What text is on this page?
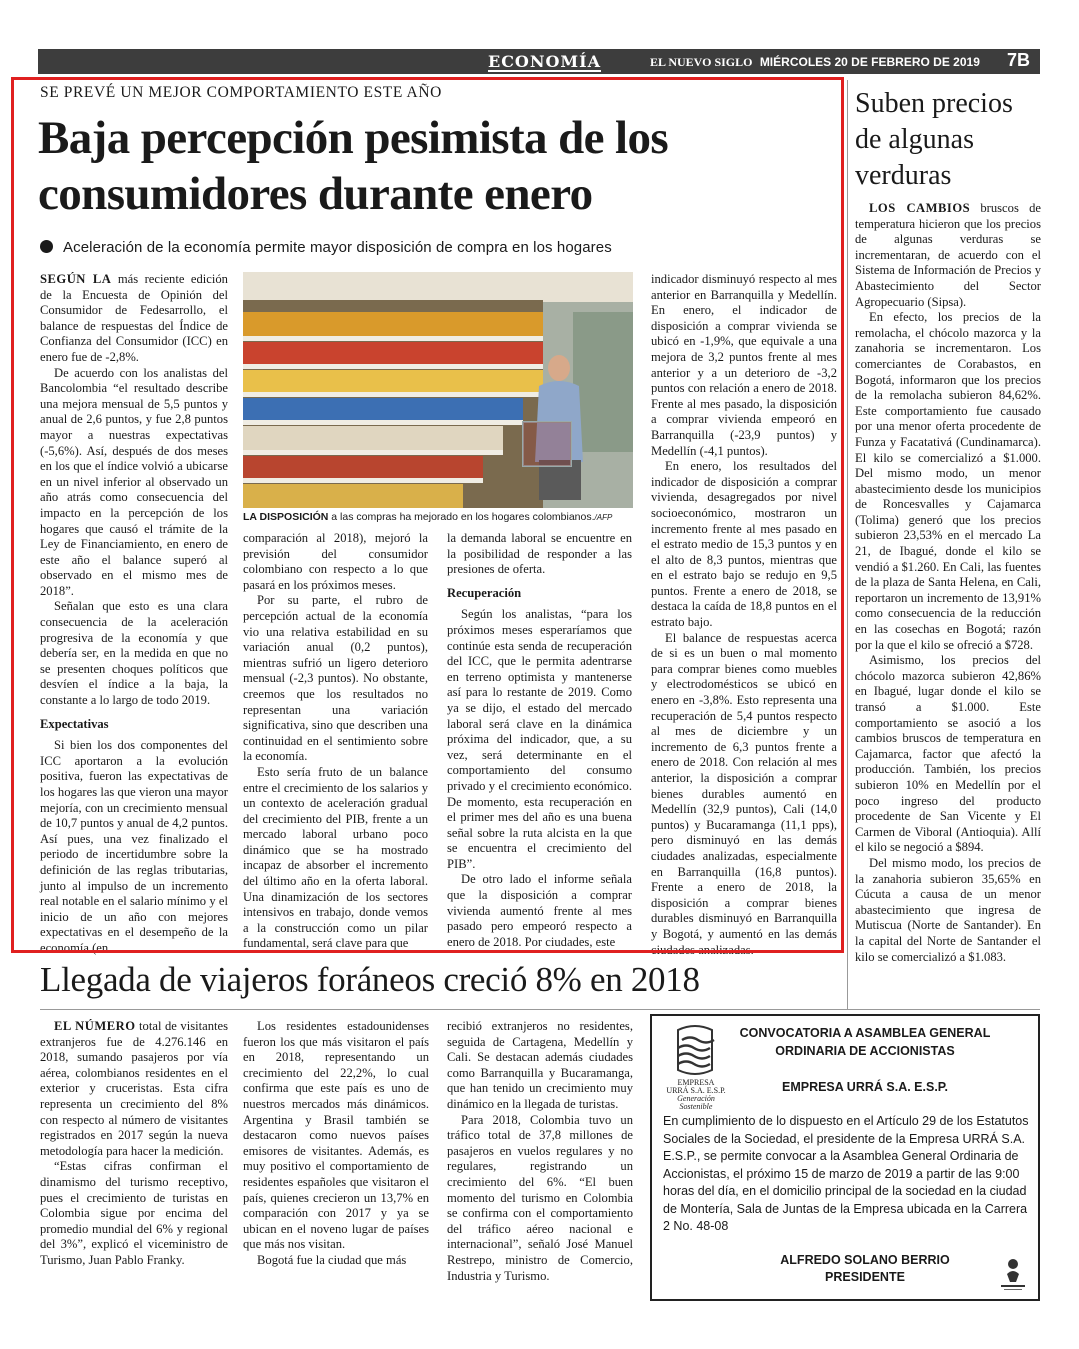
ECONOMÍA	EL NUEVO SIGLO MIÉRCOLES 20 DE FEBRERO DE 2019 7B
SE PREVÉ UN MEJOR COMPORTAMIENTO ESTE AÑO
Baja percepción pesimista de los consumidores durante enero
Aceleración de la economía permite mayor disposición de compra en los hogares

SEGÚN LA más reciente edición de la Encuesta de Opinión del Consumidor de Fedesarrollo, el balance de respuestas del Índice de Confianza del Consumidor (ICC) en enero fue de -2,8%.

De acuerdo con los analistas del Bancolombia “el resultado describe una mejora mensual de 5,5 puntos y anual de 2,6 puntos, y fue 2,8 puntos mayor a nuestras expectativas (-5,6%). Así, después de dos meses en los que el índice volvió a ubicarse en un nivel inferior al observado un año atrás como consecuencia del impacto en la percepción de los hogares que causó el trámite de la Ley de Financiamiento, en enero de este año el balance superó al observado en el mismo mes de 2018”.

Señalan que esto es una clara consecuencia de la aceleración progresiva de la economía y que debería ser, en la medida en que no se presenten choques políticos que desvíen el índice a la baja, la constante a lo largo de todo 2019.

Expectativas

Si bien los dos componentes del ICC aportaron a la evolución positiva, fueron las expectativas de los hogares las que vieron una mayor mejoría, con un crecimiento mensual de 10,7 puntos y anual de 4,2 puntos. Así pues, una vez finalizado el periodo de incertidumbre sobre la definición de las reglas tributarias, junto al impulso de un incremento real notable en el salario mínimo y el inicio de un año con mejores expectativas en el desempeño de la economía (en

LA DISPOSICIÓN a las compras ha mejorado en los hogares colombianos./AFP

comparación al 2018), mejoró la previsión del consumidor colombiano con respecto a lo que pasará en los próximos meses.

Por su parte, el rubro de percepción actual de la economía vio una relativa estabilidad en su variación anual (0,2 puntos), mientras sufrió un ligero deterioro mensual (-2,3 puntos). No obstante, creemos que los resultados no representan una variación significativa, sino que describen una continuidad en el sentimiento sobre la economía.

Esto sería fruto de un balance entre el crecimiento de los salarios y un contexto de aceleración gradual del crecimiento del PIB, frente a un mercado laboral urbano poco dinámico que se ha mostrado incapaz de absorber el incremento del último año en la oferta laboral. Una dinamización de los sectores intensivos en trabajo, donde vemos a la construcción como un pilar fundamental, será clave para que

la demanda laboral se encuentre en la posibilidad de responder a las presiones de oferta.

Recuperación

Según los analistas, “para los próximos meses esperaríamos que continúe esta senda de recuperación del ICC, que le permita adentrarse en terreno optimista y mantenerse así para lo restante de 2019. Como ya se dijo, el estado del mercado laboral será clave en la dinámica próxima del indicador, que, a su vez, será determinante en el comportamiento del consumo privado y el crecimiento económico. De momento, esta recuperación en el primer mes del año es una buena señal sobre la ruta alcista en la que se encuentra el crecimiento del PIB”.

De otro lado el informe señala que la disposición a comprar vivienda aumentó frente al mes pasado pero empeoró respecto a enero de 2018. Por ciudades, este

indicador disminuyó respecto al mes anterior en Barranquilla y Medellín. En enero, el indicador de disposición a comprar vivienda se ubicó en -1,9%, que equivale a una mejora de 3,2 puntos frente al mes anterior y a un deterioro de -3,2 puntos con relación a enero de 2018. Frente al mes pasado, la disposición a comprar vivienda empeoró en Barranquilla (-23,9 puntos) y Medellín (-4,1 puntos).

En enero, los resultados del indicador de disposición a comprar vivienda, desagregados por nivel socioeconómico, mostraron un incremento frente al mes pasado en el estrato medio de 15,3 puntos y en el alto de 8,3 puntos, mientras que en el estrato bajo se redujo en 9,5 puntos. Frente a enero de 2018, se destaca la caída de 18,8 puntos en el estrato bajo.

El balance de respuestas acerca de si es un buen o mal momento para comprar bienes como muebles y electrodomésticos se ubicó en enero en -3,8%. Esto representa una recuperación de 5,4 puntos respecto al mes de diciembre y un incremento de 6,3 puntos frente a enero de 2018. Con relación al mes anterior, la disposición a comprar bienes durables aumentó en Medellín (32,9 puntos), Cali (14,0 puntos) y Bucaramanga (11,1 pps), pero disminuyó en las demás ciudades analizadas, especialmente en Barranquilla (16,8 puntos). Frente a enero de 2018, la disposición a comprar bienes durables disminuyó en Barranquilla y Bogotá, y aumentó en las demás ciudades analizadas.

Suben precios de algunas verduras

LOS CAMBIOS bruscos de temperatura hicieron que los precios de algunas verduras se incrementaran, de acuerdo con el Sistema de Información de Precios y Abastecimiento del Sector Agropecuario (Sipsa).

En efecto, los precios de la remolacha, el chócolo mazorca y la zanahoria se incrementaron. Los comerciantes de Corabastos, en Bogotá, informaron que los precios de la remolacha subieron 84,62%. Este comportamiento fue causado por una menor oferta procedente de Funza y Facatativá (Cundinamarca). El kilo se comercializó a $1.000. Del mismo modo, un menor abastecimiento desde los municipios de Roncesvalles y Cajamarca (Tolima) generó que los precios subieron 23,53% en el mercado La 21, de Ibagué, donde el kilo se vendió a $1.260. En Cali, las fuentes de la plaza de Santa Helena, en Cali, reportaron un incremento de 13,91% como consecuencia de la reducción en las cosechas en Bogotá; razón por la que el kilo se ofreció a $728.

Asimismo, los precios del chócolo mazorca subieron 42,86% en Ibagué, lugar donde el kilo se transó a $1.000. Este comportamiento se asoció a los cambios bruscos de temperatura en Cajamarca, factor que afectó la producción. También, los precios subieron 10% en Medellín por el poco ingreso del producto procedente de San Vicente y El Carmen de Viboral (Antioquia). Allí el kilo se negoció a $894.

Del mismo modo, los precios de la zanahoria subieron 35,65% en Cúcuta a causa de un menor abastecimiento que ingresa de Mutiscua (Norte de Santander). En la capital del Norte de Santander el kilo se comercializó a $1.083.

Llegada de viajeros foráneos creció 8% en 2018

EL NÚMERO total de visitantes extranjeros fue de 4.276.146 en 2018, sumando pasajeros por vía aérea, colombianos residentes en el exterior y cruceristas. Esta cifra representa un crecimiento del 8% con respecto al número de visitantes registrados en 2017 según la nueva metodología para hacer la medición.

“Estas cifras confirman el dinamismo del turismo receptivo, pues el crecimiento de turistas en Colombia sigue por encima del promedio mundial del 6% y regional del 3%”, explicó el viceministro de Turismo, Juan Pablo Franky.

Los residentes estadounidenses fueron los que más visitaron el país en 2018, representando un crecimiento del 22,2%, lo cual confirma que este país es uno de nuestros mercados más dinámicos. Argentina y Brasil también se destacaron como nuevos países emisores de visitantes. Además, es muy positivo el comportamiento de residentes españoles que visitaron el país, quienes crecieron un 13,7% en comparación con 2017 y ya se ubican en el noveno lugar de países que más nos visitan.

Bogotá fue la ciudad que más

recibió extranjeros no residentes, seguida de Cartagena, Medellín y Cali. Se destacan además ciudades como Barranquilla y Bucaramanga, que han tenido un crecimiento muy dinámico en la llegada de turistas.

Para 2018, Colombia tuvo un tráfico total de 37,8 millones de pasajeros en vuelos regulares y no regulares, registrando un crecimiento del 6%. “El buen momento del turismo en Colombia se confirma con el comportamiento del tráfico aéreo nacional e internacional”, señaló José Manuel Restrepo, ministro de Comercio, Industria y Turismo.

EMPRESA
URRÁ S.A. E.S.P.
Generación Sostenible
CONVOCATORIA A ASAMBLEA GENERAL
ORDINARIA DE ACCIONISTAS
EMPRESA URRÁ S.A. E.S.P.
En cumplimiento de lo dispuesto en el Artículo 29 de los Estatutos Sociales de la Sociedad, el presidente de la Empresa URRÁ S.A. E.S.P., se permite convocar a la Asamblea General Ordinaria de Accionistas, el próximo 15 de marzo de 2019 a partir de las 9:00 horas del día, en el domicilio principal de la sociedad en la ciudad de Montería, Sala de Juntas de la Empresa ubicada en la Carrera 2 No. 48-08
ALFREDO SOLANO BERRIO
PRESIDENTE
